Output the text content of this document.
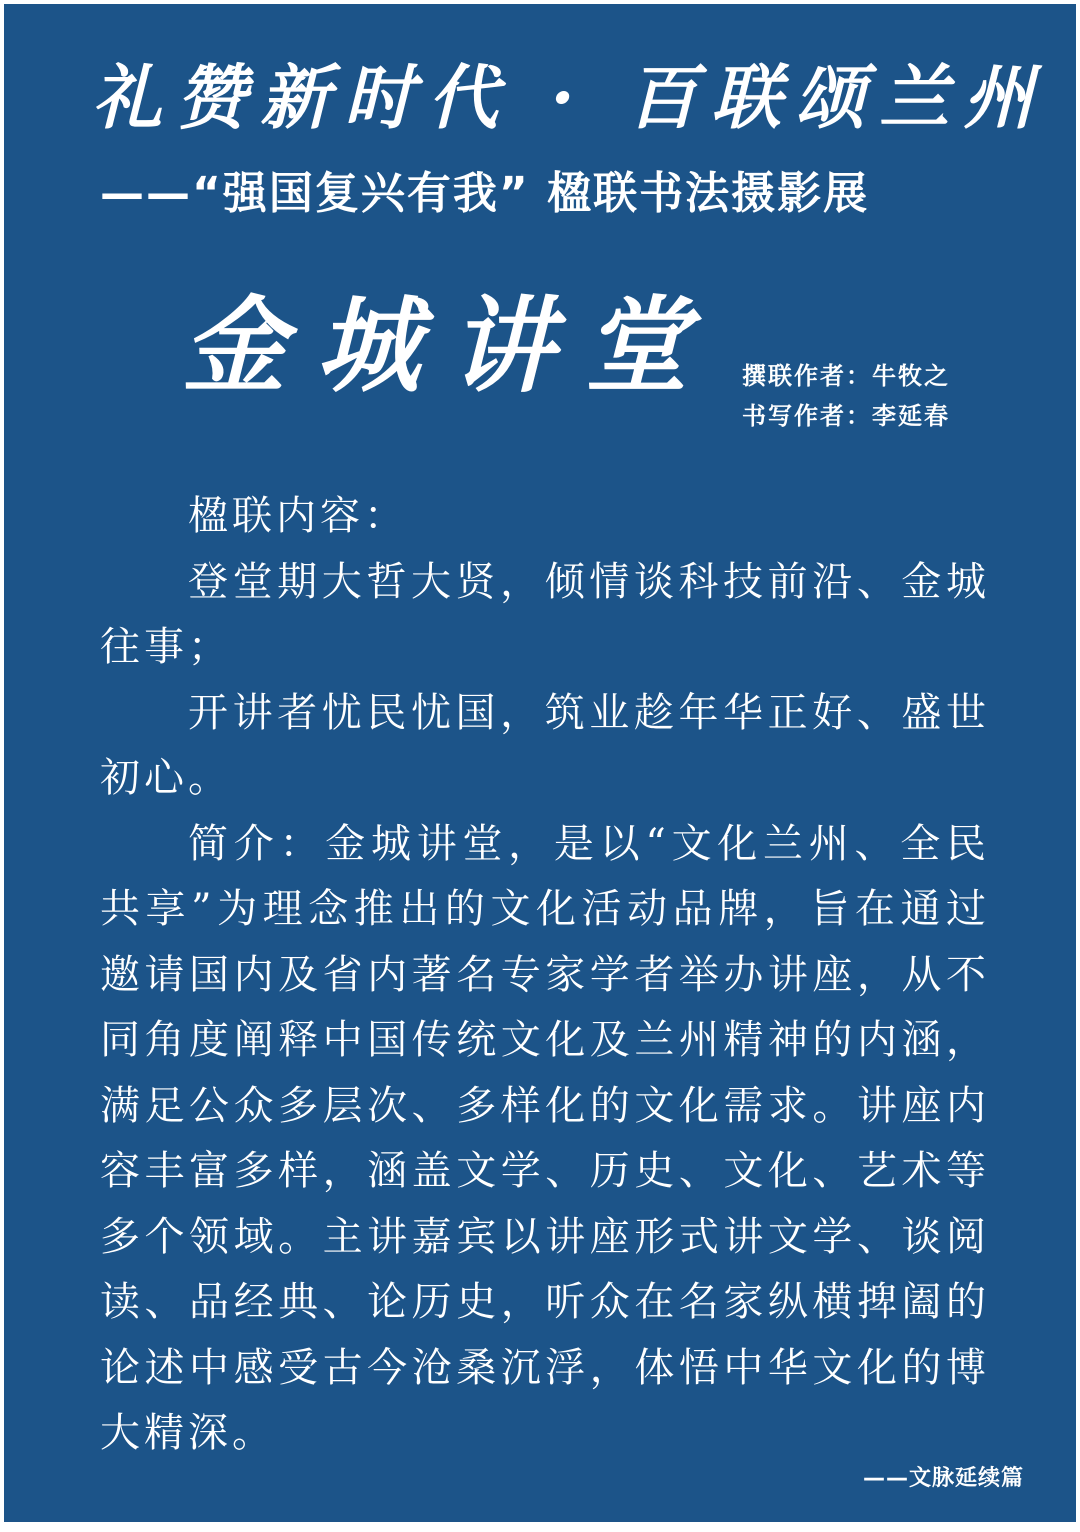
礼赞新时代 · 百联颂兰州
——“强国复兴有我” 楹联书法摄影展
金城讲堂 撰联作者：牛牧之
书写作者：李延春

楹联内容：

登堂期大哲大贤，倾情谈科技前沿、金城往事；

开讲者忧民忧国，筑业趁年华正好、盛世初心。

简介：金城讲堂，是以“文化兰州、全民共享”为理念推出的文化活动品牌，旨在通过邀请国内及省内著名专家学者举办讲座，从不同角度阐释中国传统文化及兰州精神的内涵，满足公众多层次、多样化的文化需求。讲座内容丰富多样，涵盖文学、历史、文化、艺术等多个领域。主讲嘉宾以讲座形式讲文学、谈阅读、品经典、论历史，听众在名家纵横捭阖的论述中感受古今沧桑沉浮，体悟中华文化的博大精深。

——文脉延续篇
